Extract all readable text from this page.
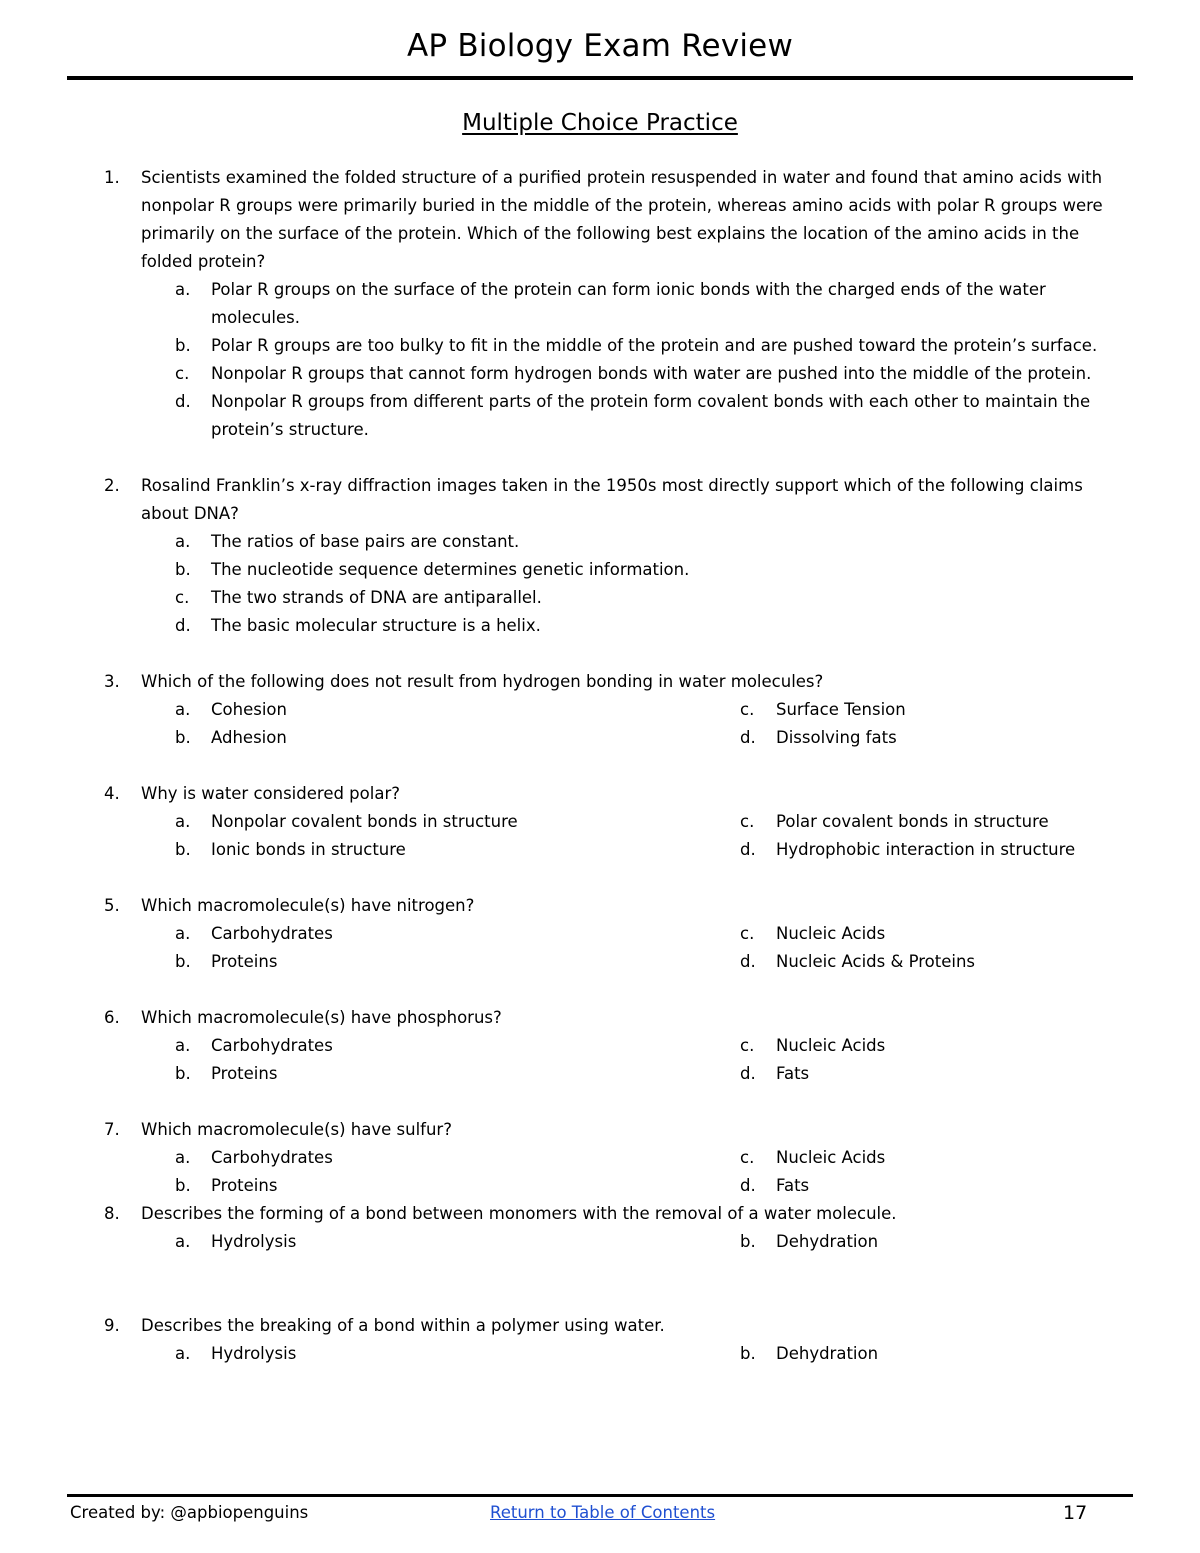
AP Biology Exam Review
Multiple Choice Practice
1.	Scientists examined the folded structure of a purified protein resuspended in water and found that amino acids with nonpolar R groups were primarily buried in the middle of the protein, whereas amino acids with polar R groups were primarily on the surface of the protein. Which of the following best explains the location of the amino acids in the folded protein?
a. Polar R groups on the surface of the protein can form ionic bonds with the charged ends of the water molecules.
b. Polar R groups are too bulky to fit in the middle of the protein and are pushed toward the protein’s surface.
c. Nonpolar R groups that cannot form hydrogen bonds with water are pushed into the middle of the protein.
d. Nonpolar R groups from different parts of the protein form covalent bonds with each other to maintain the protein’s structure.
2.	Rosalind Franklin’s x-ray diffraction images taken in the 1950s most directly support which of the following claims about DNA?
a. The ratios of base pairs are constant.
b. The nucleotide sequence determines genetic information.
c. The two strands of DNA are antiparallel.
d. The basic molecular structure is a helix.
3.	Which of the following does not result from hydrogen bonding in water molecules?
a. Cohesion
b. Adhesion
c. Surface Tension
d. Dissolving fats
4.	Why is water considered polar?
a. Nonpolar covalent bonds in structure
b. Ionic bonds in structure
c. Polar covalent bonds in structure
d. Hydrophobic interaction in structure
5.	Which macromolecule(s) have nitrogen?
a. Carbohydrates
b. Proteins
c. Nucleic Acids
d. Nucleic Acids & Proteins
6.	Which macromolecule(s) have phosphorus?
a. Carbohydrates
b. Proteins
c. Nucleic Acids
d. Fats
7.	Which macromolecule(s) have sulfur?
a. Carbohydrates
b. Proteins
c. Nucleic Acids
d. Fats
8.	Describes the forming of a bond between monomers with the removal of a water molecule.
a. Hydrolysis	b. Dehydration
9.	Describes the breaking of a bond within a polymer using water.
a. Hydrolysis	b. Dehydration
Created by: @apbiopenguins	Return to Table of Contents	17
